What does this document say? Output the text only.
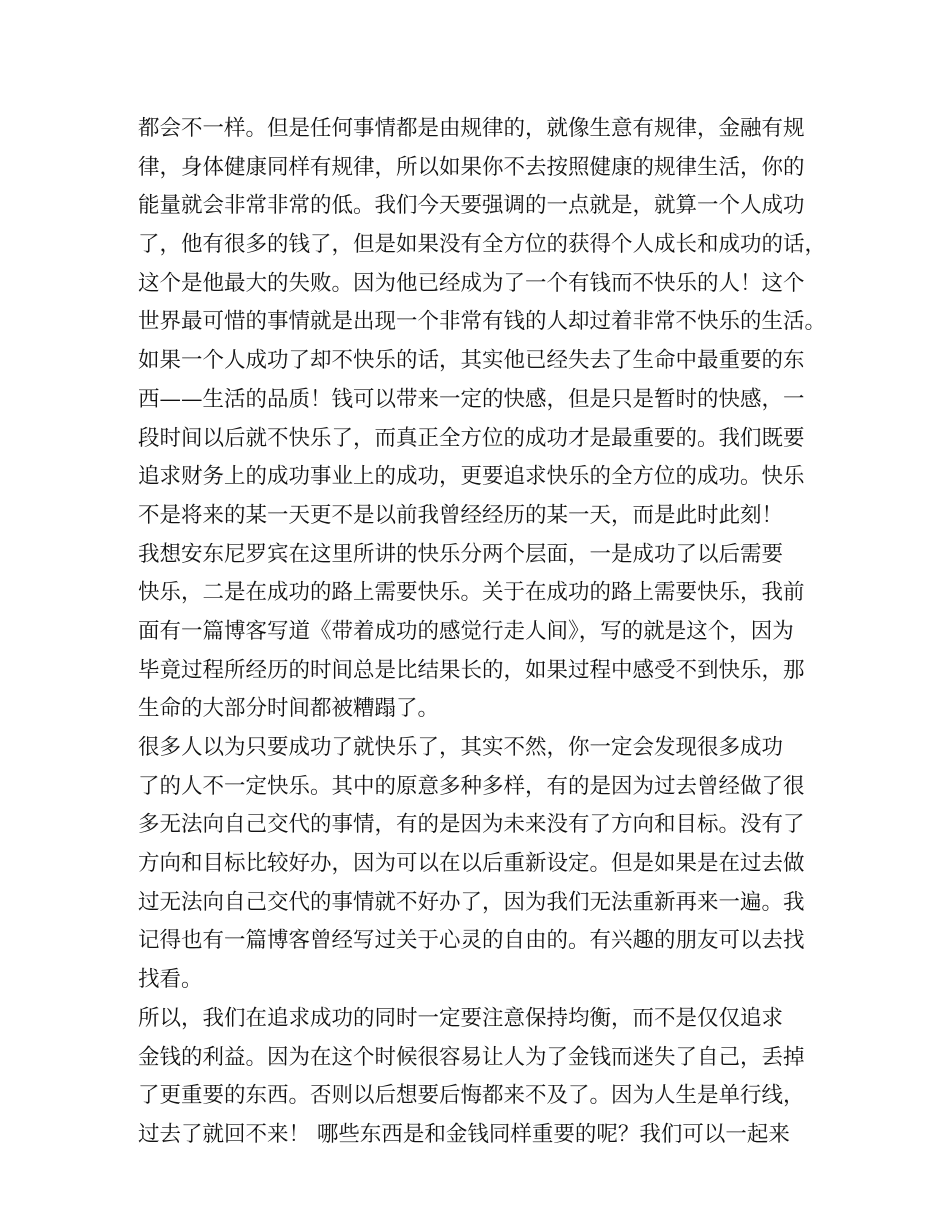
都会不一样。但是任何事情都是由规律的，就像生意有规律，金融有规
律，身体健康同样有规律，所以如果你不去按照健康的规律生活，你的
能量就会非常非常的低。我们今天要强调的一点就是，就算一个人成功
了，他有很多的钱了，但是如果没有全方位的获得个人成长和成功的话，
这个是他最大的失败。因为他已经成为了一个有钱而不快乐的人！这个
世界最可惜的事情就是出现一个非常有钱的人却过着非常不快乐的生活。
如果一个人成功了却不快乐的话，其实他已经失去了生命中最重要的东
西——生活的品质！钱可以带来一定的快感，但是只是暂时的快感，一
段时间以后就不快乐了，而真正全方位的成功才是最重要的。我们既要
追求财务上的成功事业上的成功，更要追求快乐的全方位的成功。快乐
不是将来的某一天更不是以前我曾经经历的某一天，而是此时此刻！
我想安东尼罗宾在这里所讲的快乐分两个层面，一是成功了以后需要
快乐，二是在成功的路上需要快乐。关于在成功的路上需要快乐，我前
面有一篇博客写道《带着成功的感觉行走人间》，写的就是这个，因为
毕竟过程所经历的时间总是比结果长的，如果过程中感受不到快乐，那
生命的大部分时间都被糟蹋了。
很多人以为只要成功了就快乐了，其实不然，你一定会发现很多成功
了的人不一定快乐。其中的原意多种多样，有的是因为过去曾经做了很
多无法向自己交代的事情，有的是因为未来没有了方向和目标。没有了
方向和目标比较好办，因为可以在以后重新设定。但是如果是在过去做
过无法向自己交代的事情就不好办了，因为我们无法重新再来一遍。我
记得也有一篇博客曾经写过关于心灵的自由的。有兴趣的朋友可以去找
找看。
所以，我们在追求成功的同时一定要注意保持均衡，而不是仅仅追求
金钱的利益。因为在这个时候很容易让人为了金钱而迷失了自己，丢掉
了更重要的东西。否则以后想要后悔都来不及了。因为人生是单行线，
过去了就回不来！ 哪些东西是和金钱同样重要的呢？我们可以一起来
